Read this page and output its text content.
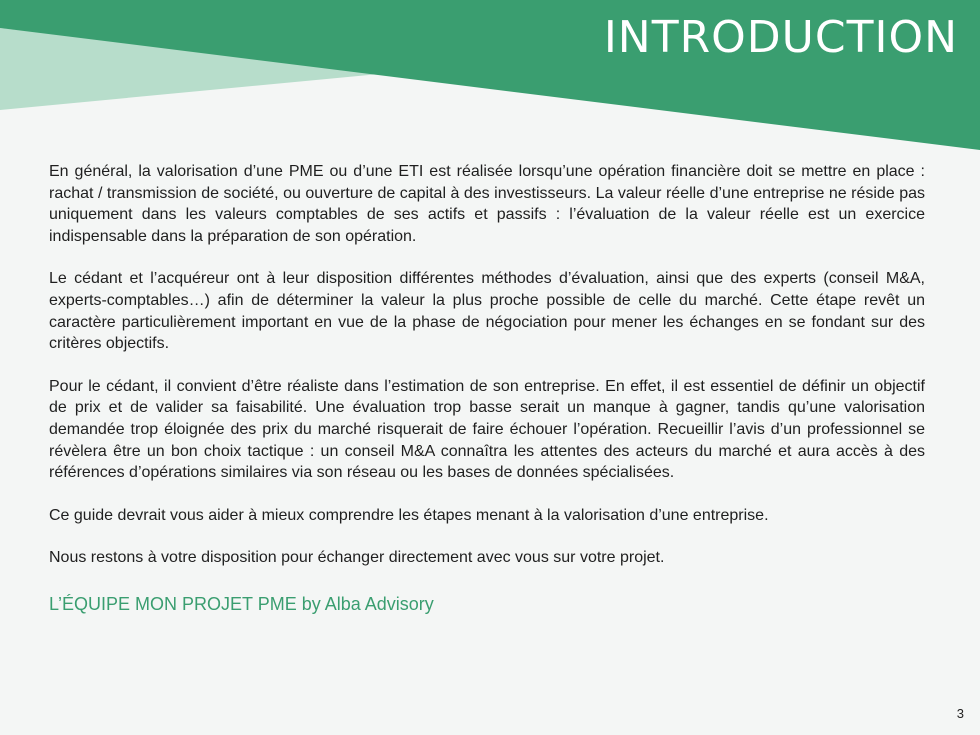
INTRODUCTION

En général, la valorisation d’une PME ou d’une ETI est réalisée lorsqu’une opération financière doit se mettre en place : rachat / transmission de société, ou ouverture de capital à des investisseurs. La valeur réelle d’une entreprise ne réside pas uniquement dans les valeurs comptables de ses actifs et passifs : l’évaluation de la valeur réelle est un exercice indispensable dans la préparation de son opération.

Le cédant et l’acquéreur ont à leur disposition différentes méthodes d’évaluation, ainsi que des experts (conseil M&A, experts-comptables…) afin de déterminer la valeur la plus proche possible de celle du marché. Cette étape revêt un caractère particulièrement important en vue de la phase de négociation pour mener les échanges en se fondant sur des critères objectifs.

Pour le cédant, il convient d’être réaliste dans l’estimation de son entreprise. En effet, il est essentiel de définir un objectif de prix et de valider sa faisabilité. Une évaluation trop basse serait un manque à gagner, tandis qu’une valorisation demandée trop éloignée des prix du marché risquerait de faire échouer l’opération. Recueillir l’avis d’un professionnel se révèlera être un bon choix tactique : un conseil M&A connaîtra les attentes des acteurs du marché et aura accès à des références d’opérations similaires via son réseau ou les bases de données spécialisées.

Ce guide devrait vous aider à mieux comprendre les étapes menant à la valorisation d’une entreprise.

Nous restons à votre disposition pour échanger directement avec vous sur votre projet.

L’ÉQUIPE MON PROJET PME by Alba Advisory

3
